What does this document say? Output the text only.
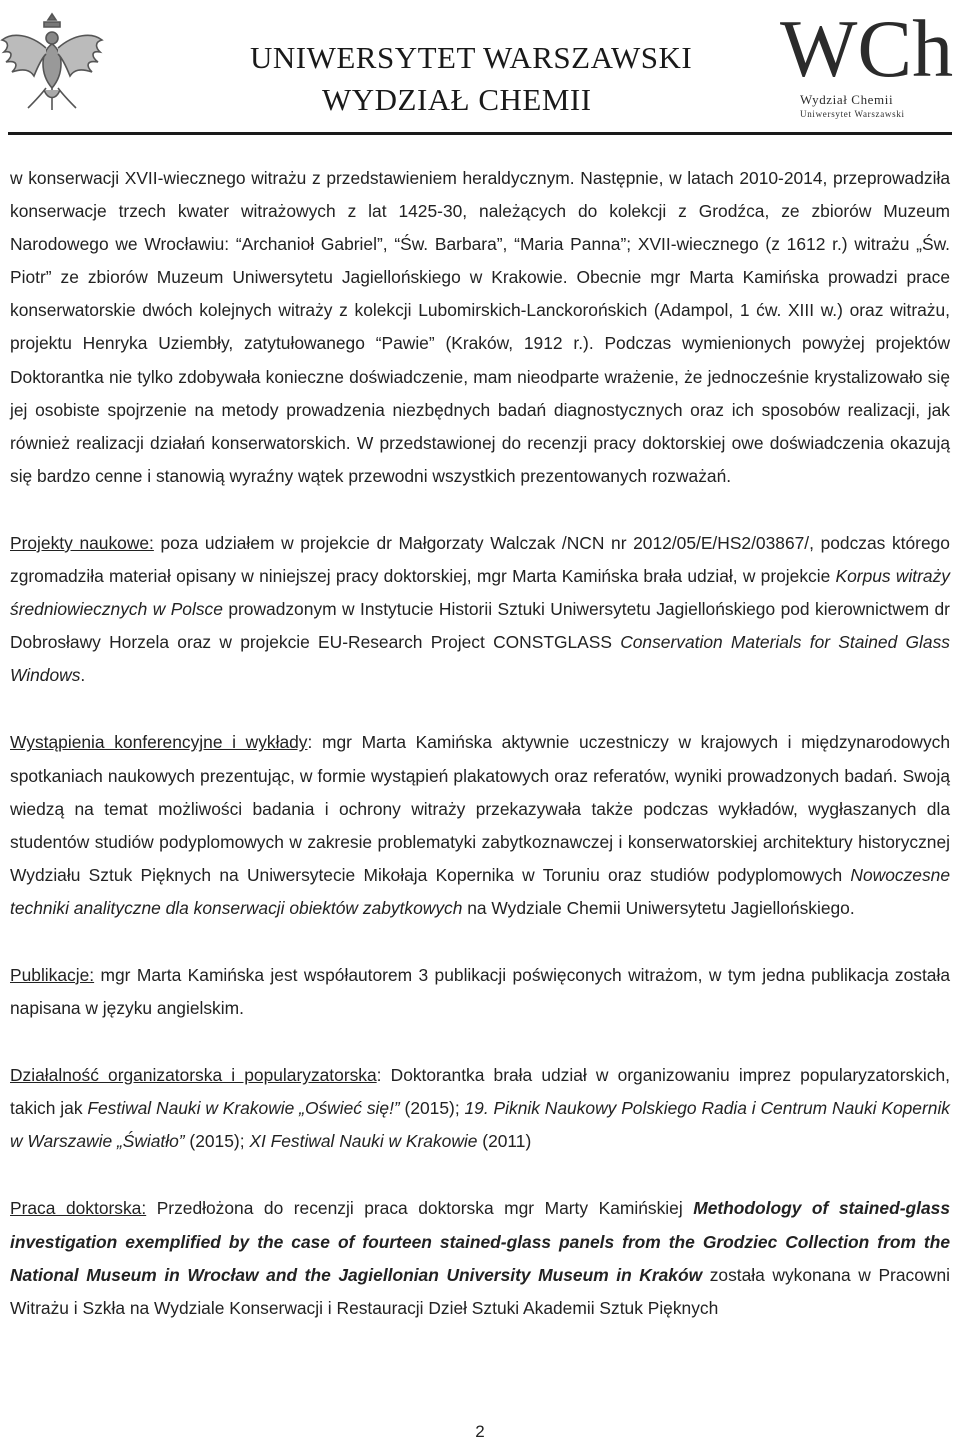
UNIWERSYTET WARSZAWSKI
WYDZIAŁ CHEMII
WCh
Wydział Chemii
Uniwersytet Warszawski

w konserwacji XVII-wiecznego witrażu z przedstawieniem heraldycznym. Następnie, w latach 2010-2014, przeprowadziła konserwacje trzech kwater witrażowych z lat 1425-30, należących do kolekcji z Grodźca, ze zbiorów Muzeum Narodowego we Wrocławiu: “Archanioł Gabriel”, “Św. Barbara”, “Maria Panna”; XVII-wiecznego (z 1612 r.) witrażu „Św. Piotr” ze zbiorów Muzeum Uniwersytetu Jagiellońskiego w Krakowie. Obecnie mgr Marta Kamińska prowadzi prace konserwatorskie dwóch kolejnych witraży z kolekcji Lubomirskich-Lanckorońskich (Adampol, 1 ćw. XIII w.) oraz witrażu, projektu Henryka Uziembły, zatytułowanego “Pawie” (Kraków, 1912 r.). Podczas wymienionych powyżej projektów Doktorantka nie tylko zdobywała konieczne doświadczenie, mam nieodparte wrażenie, że jednocześnie krystalizowało się jej osobiste spojrzenie na metody prowadzenia niezbędnych badań diagnostycznych oraz ich sposobów realizacji, jak również realizacji działań konserwatorskich. W przedstawionej do recenzji pracy doktorskiej owe doświadczenia okazują się bardzo cenne i stanowią wyraźny wątek przewodni wszystkich prezentowanych rozważań.

Projekty naukowe: poza udziałem w projekcie dr Małgorzaty Walczak /NCN nr 2012/05/E/HS2/03867/, podczas którego zgromadziła materiał opisany w niniejszej pracy doktorskiej, mgr Marta Kamińska brała udział, w projekcie Korpus witraży średniowiecznych w Polsce prowadzonym w Instytucie Historii Sztuki Uniwersytetu Jagiellońskiego pod kierownictwem dr Dobrosławy Horzela oraz w projekcie EU-Research Project CONSTGLASS Conservation Materials for Stained Glass Windows.

Wystąpienia konferencyjne i wykłady: mgr Marta Kamińska aktywnie uczestniczy w krajowych i międzynarodowych spotkaniach naukowych prezentując, w formie wystąpień plakatowych oraz referatów, wyniki prowadzonych badań. Swoją wiedzą na temat możliwości badania i ochrony witraży przekazywała także podczas wykładów, wygłaszanych dla studentów studiów podyplomowych w zakresie problematyki zabytkoznawczej i konserwatorskiej architektury historycznej Wydziału Sztuk Pięknych na Uniwersytecie Mikołaja Kopernika w Toruniu oraz studiów podyplomowych Nowoczesne techniki analityczne dla konserwacji obiektów zabytkowych na Wydziale Chemii Uniwersytetu Jagiellońskiego.

Publikacje: mgr Marta Kamińska jest współautorem 3 publikacji poświęconych witrażom, w tym jedna publikacja została napisana w języku angielskim.

Działalność organizatorska i popularyzatorska: Doktorantka brała udział w organizowaniu imprez popularyzatorskich, takich jak Festiwal Nauki w Krakowie „Oświeć się!” (2015); 19. Piknik Naukowy Polskiego Radia i Centrum Nauki Kopernik w Warszawie „Światło” (2015); XI Festiwal Nauki w Krakowie (2011)

Praca doktorska: Przedłożona do recenzji praca doktorska mgr Marty Kamińskiej Methodology of stained-glass investigation exemplified by the case of fourteen stained-glass panels from the Grodziec Collection from the National Museum in Wrocław and the Jagiellonian University Museum in Kraków została wykonana w Pracowni Witrażu i Szkła na Wydziale Konserwacji i Restauracji Dzieł Sztuki Akademii Sztuk Pięknych

2
